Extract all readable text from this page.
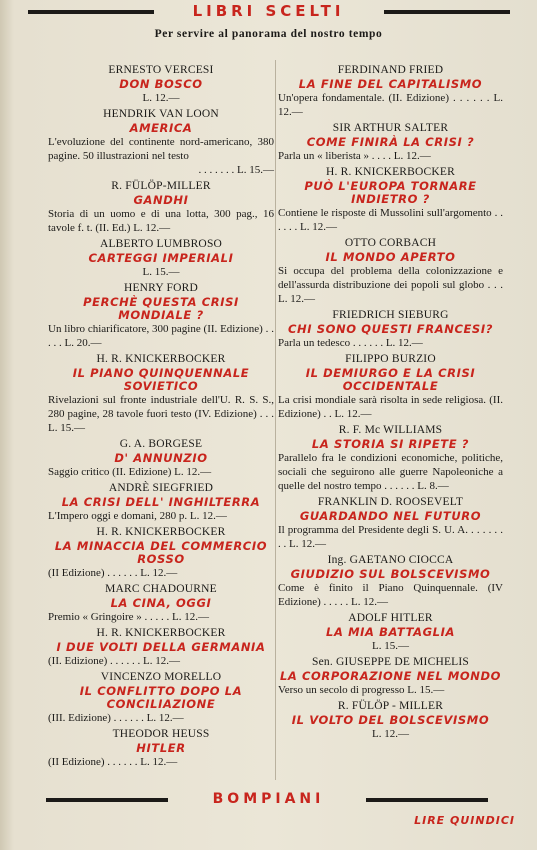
LIBRI SCELTI
Per servire al panorama del nostro tempo
ERNESTO VERCESI
DON BOSCO
L. 12.—
HENDRIK VAN LOON
AMERICA
L'evoluzione del continente nord-americano, 380 pagine. 50 illustrazioni nel testo
. . . . . . . L. 15.—
R. FÜLÖP-MILLER
GANDHI
Storia di un uomo e di una lotta, 300 pag., 16 tavole f. t. (II. Ed.) L. 12.—
ALBERTO LUMBROSO
CARTEGGI IMPERIALI
L. 15.—
HENRY FORD
PERCHÈ QUESTA CRISI MONDIALE ?
Un libro chiarificatore, 300 pagine (II. Edizione) . . . . . L. 20.—
H. R. KNICKERBOCKER
IL PIANO QUINQUENNALE SOVIETICO
Rivelazioni sul fronte industriale dell'U. R. S. S., 280 pagine, 28 tavole fuori testo (IV. Edizione) . . . L. 15.—
G. A. BORGESE
D' ANNUNZIO
Saggio critico (II. Edizione) L. 12.—
ANDRÈ SIEGFRIED
LA CRISI DELL' INGHILTERRA
L'Impero oggi e domani, 280 p. L. 12.—
H. R. KNICKERBOCKER
LA MINACCIA DEL COMMERCIO ROSSO
(II Edizione) . . . . . . L. 12.—
MARC CHADOURNE
LA CINA, OGGI
Premio « Gringoire » . . . . . L. 12.—
H. R. KNICKERBOCKER
I DUE VOLTI DELLA GERMANIA
(II. Edizione) . . . . . . L. 12.—
VINCENZO MORELLO
IL CONFLITTO DOPO LA CONCILIAZIONE
(III. Edizione) . . . . . . L. 12.—
THEODOR HEUSS
HITLER
(II Edizione) . . . . . . L. 12.—
FERDINAND FRIED
LA FINE DEL CAPITALISMO
Un'opera fondamentale. (II. Edizione) . . . . . . L. 12.—
SIR ARTHUR SALTER
COME FINIRÀ LA CRISI ?
Parla un « liberista » . . . . L. 12.—
H. R. KNICKERBOCKER
PUÒ L'EUROPA TORNARE INDIETRO ?
Contiene le risposte di Mussolini sull'argomento . . . . . . L. 12.—
OTTO CORBACH
IL MONDO APERTO
Si occupa del problema della colonizzazione e dell'assurda distribuzione dei popoli sul globo . . . L. 12.—
FRIEDRICH SIEBURG
CHI SONO QUESTI FRANCESI?
Parla un tedesco . . . . . . L. 12.—
FILIPPO BURZIO
IL DEMIURGO E LA CRISI OCCIDENTALE
La crisi mondiale sarà risolta in sede religiosa. (II. Edizione) . . L. 12.—
R. F. Mc WILLIAMS
LA STORIA SI RIPETE ?
Parallelo fra le condizioni economiche, politiche, sociali che seguirono alle guerre Napoleoniche a quelle del nostro tempo . . . . . . L. 8.—
FRANKLIN D. ROOSEVELT
GUARDANDO NEL FUTURO
Il programma del Presidente degli S. U. A. . . . . . . . . L. 12.—
Ing. GAETANO CIOCCA
GIUDIZIO SUL BOLSCEVISMO
Come è finito il Piano Quinquennale. (IV Edizione) . . . . . L. 12.—
ADOLF HITLER
LA MIA BATTAGLIA
L. 15.—
Sen. GIUSEPPE DE MICHELIS
LA CORPORAZIONE NEL MONDO
Verso un secolo di progresso L. 15.—
R. FÜLÖP - MILLER
IL VOLTO DEL BOLSCEVISMO
L. 12.—
BOMPIANI
LIRE QUINDICI
